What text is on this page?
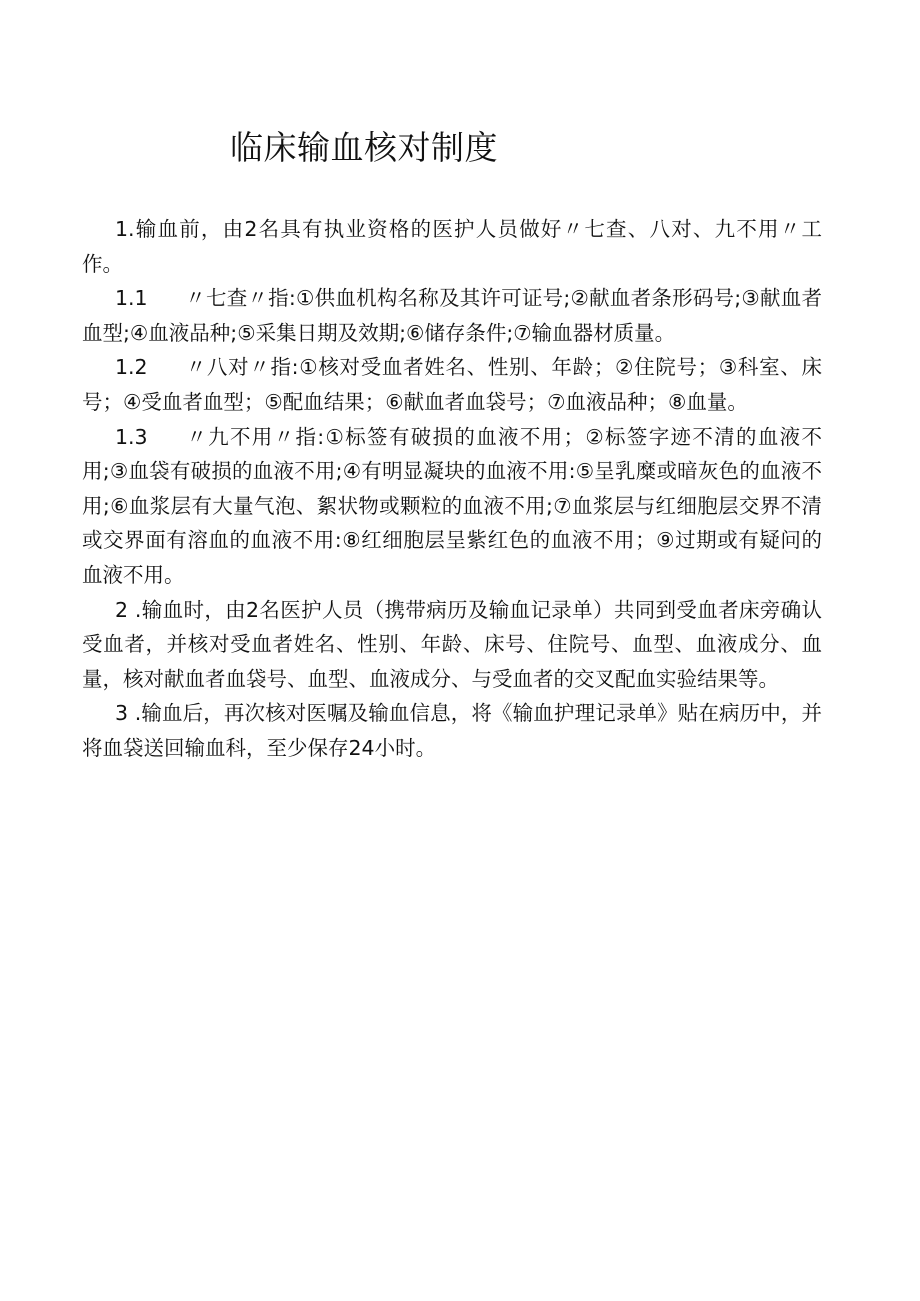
临床输血核对制度

1.输血前，由2名具有执业资格的医护人员做好〃七查、八对、九不用〃工作。

1.1 〃七查〃指:①供血机构名称及其许可证号;②献血者条形码号;③献血者血型;④血液品种;⑤采集日期及效期;⑥储存条件;⑦输血器材质量。

1.2 〃八对〃指:①核对受血者姓名、性别、年龄；②住院号；③科室、床号；④受血者血型；⑤配血结果；⑥献血者血袋号；⑦血液品种；⑧血量。

1.3 〃九不用〃指:①标签有破损的血液不用；②标签字迹不清的血液不用;③血袋有破损的血液不用;④有明显凝块的血液不用:⑤呈乳糜或暗灰色的血液不用;⑥血浆层有大量气泡、絮状物或颗粒的血液不用;⑦血浆层与红细胞层交界不清或交界面有溶血的血液不用:⑧红细胞层呈紫红色的血液不用；⑨过期或有疑问的血液不用。

2 .输血时，由2名医护人员（携带病历及输血记录单）共同到受血者床旁确认受血者，并核对受血者姓名、性别、年龄、床号、住院号、血型、血液成分、血量，核对献血者血袋号、血型、血液成分、与受血者的交叉配血实验结果等。

3 .输血后，再次核对医嘱及输血信息，将《输血护理记录单》贴在病历中，并将血袋送回输血科，至少保存24小时。
